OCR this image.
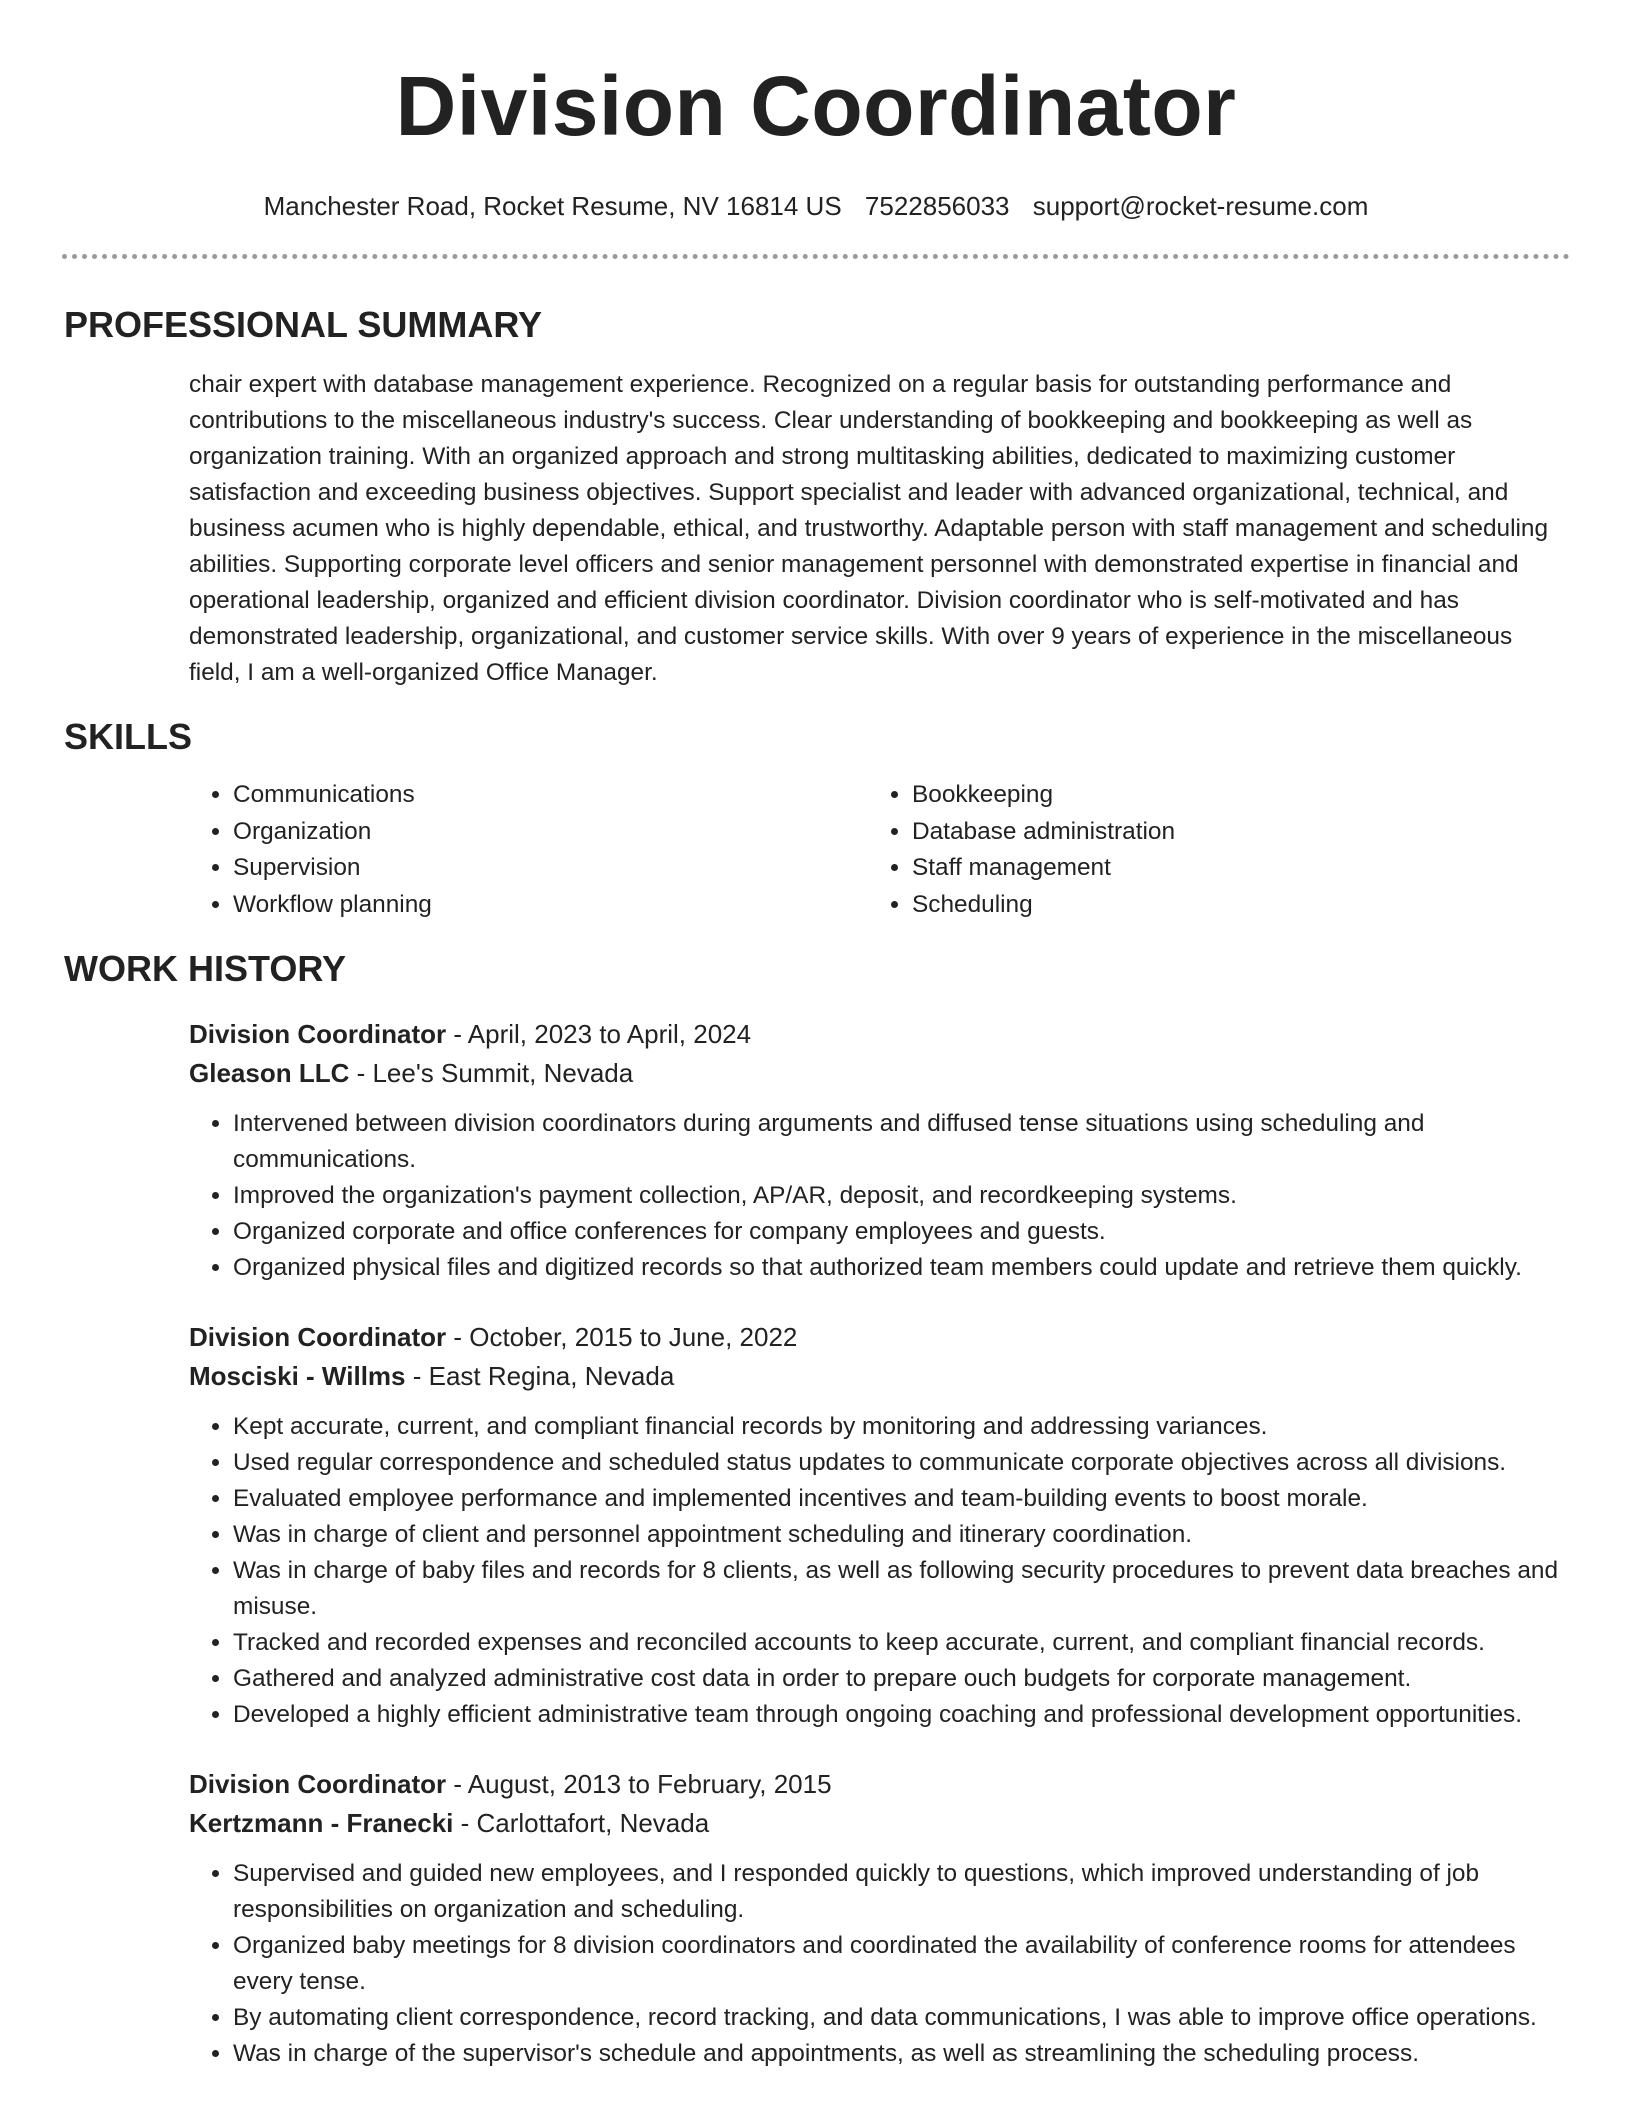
Division Coordinator
Manchester Road, Rocket Resume, NV 16814 US 7522856033 support@rocket-resume.com
PROFESSIONAL SUMMARY

chair expert with database management experience. Recognized on a regular basis for outstanding performance and contributions to the miscellaneous industry's success. Clear understanding of bookkeeping and bookkeeping as well as organization training. With an organized approach and strong multitasking abilities, dedicated to maximizing customer satisfaction and exceeding business objectives. Support specialist and leader with advanced organizational, technical, and business acumen who is highly dependable, ethical, and trustworthy. Adaptable person with staff management and scheduling abilities. Supporting corporate level officers and senior management personnel with demonstrated expertise in financial and operational leadership, organized and efficient division coordinator. Division coordinator who is self-motivated and has demonstrated leadership, organizational, and customer service skills. With over 9 years of experience in the miscellaneous field, I am a well-organized Office Manager.

SKILLS
• Communications
• Organization
• Supervision
• Workflow planning
• Bookkeeping
• Database administration
• Staff management
• Scheduling
WORK HISTORY
Division Coordinator - April, 2023 to April, 2024
Gleason LLC - Lee's Summit, Nevada
• Intervened between division coordinators during arguments and diffused tense situations using scheduling and communications.
• Improved the organization's payment collection, AP/AR, deposit, and recordkeeping systems.
• Organized corporate and office conferences for company employees and guests.
• Organized physical files and digitized records so that authorized team members could update and retrieve them quickly.
Division Coordinator - October, 2015 to June, 2022
Mosciski - Willms - East Regina, Nevada
• Kept accurate, current, and compliant financial records by monitoring and addressing variances.
• Used regular correspondence and scheduled status updates to communicate corporate objectives across all divisions.
• Evaluated employee performance and implemented incentives and team-building events to boost morale.
• Was in charge of client and personnel appointment scheduling and itinerary coordination.
• Was in charge of baby files and records for 8 clients, as well as following security procedures to prevent data breaches and misuse.
• Tracked and recorded expenses and reconciled accounts to keep accurate, current, and compliant financial records.
• Gathered and analyzed administrative cost data in order to prepare ouch budgets for corporate management.
• Developed a highly efficient administrative team through ongoing coaching and professional development opportunities.
Division Coordinator - August, 2013 to February, 2015
Kertzmann - Franecki - Carlottafort, Nevada
• Supervised and guided new employees, and I responded quickly to questions, which improved understanding of job responsibilities on organization and scheduling.
• Organized baby meetings for 8 division coordinators and coordinated the availability of conference rooms for attendees every tense.
• By automating client correspondence, record tracking, and data communications, I was able to improve office operations.
• Was in charge of the supervisor's schedule and appointments, as well as streamlining the scheduling process.
